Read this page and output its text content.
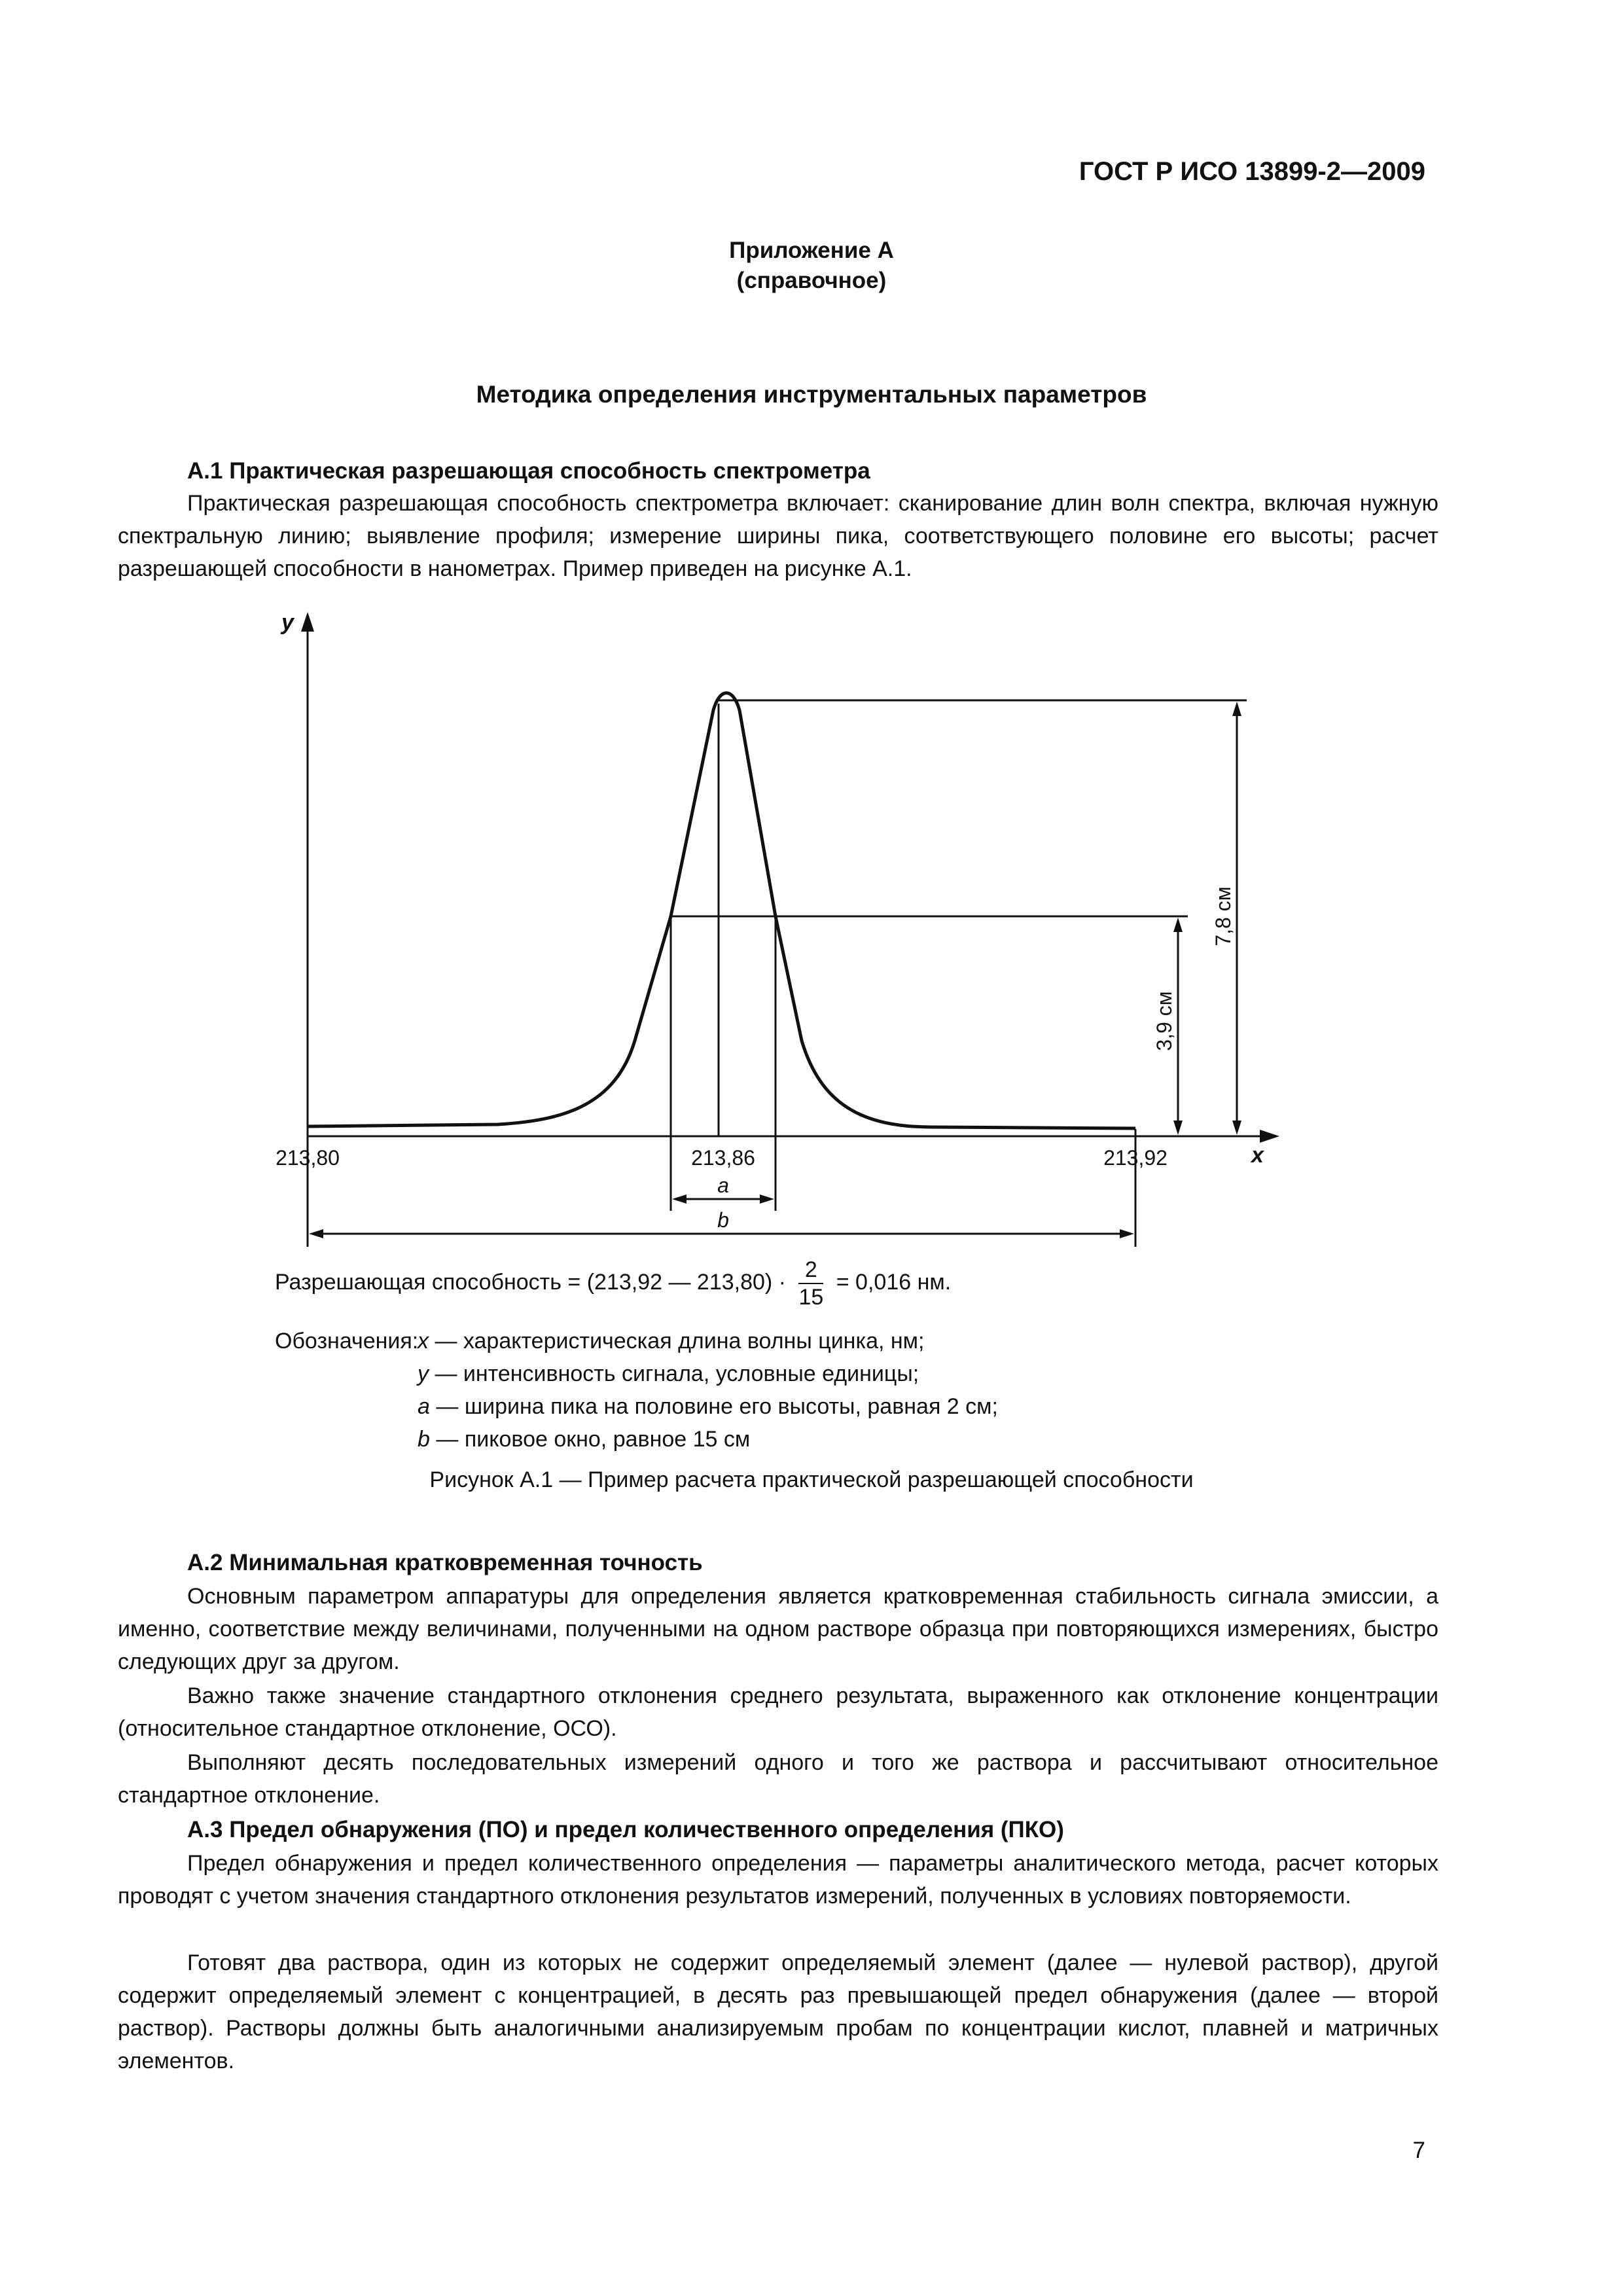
ГОСТ Р ИСО 13899-2—2009
Приложение А
(справочное)
Методика определения инструментальных параметров
А.1 Практическая разрешающая способность спектрометра

Практическая разрешающая способность спектрометра включает: сканирование длин волн спектра, включая нужную спектральную линию; выявление профиля; измерение ширины пика, соответствующего половине его высоты; расчет разрешающей способности в нанометрах. Пример приведен на рисунке А.1.

y
x
213,80	213,86	213,92
a
b
3,9 см
7,8 см
Разрешающая способность = (213,92 — $213,80) \cdot \frac{2}{15} = 0,016$ нм.
Обозначения:
x — характеристическая длина волны цинка, нм;
y — интенсивность сигнала, условные единицы;
a — ширина пика на половине его высоты, равная 2 см;
b — пиковое окно, равное 15 см
Рисунок А.1 — Пример расчета практической разрешающей способности
А.2 Минимальная кратковременная точность

Основным параметром аппаратуры для определения является кратковременная стабильность сигнала эмиссии, а именно, соответствие между величинами, полученными на одном растворе образца при повторяющихся измерениях, быстро следующих друг за другом.

Важно также значение стандартного отклонения среднего результата, выраженного как отклонение концентрации (относительное стандартное отклонение, ОСО).

Выполняют десять последовательных измерений одного и того же раствора и рассчитывают относительное стандартное отклонение.

А.3 Предел обнаружения (ПО) и предел количественного определения (ПКО)

Предел обнаружения и предел количественного определения — параметры аналитического метода, расчет которых проводят с учетом значения стандартного отклонения результатов измерений, полученных в условиях повторяемости.

Готовят два раствора, один из которых не содержит определяемый элемент (далее — нулевой раствор), другой содержит определяемый элемент с концентрацией, в десять раз превышающей предел обнаружения (далее — второй раствор). Растворы должны быть аналогичными анализируемым пробам по концентрации кислот, плавней и матричных элементов.

7
